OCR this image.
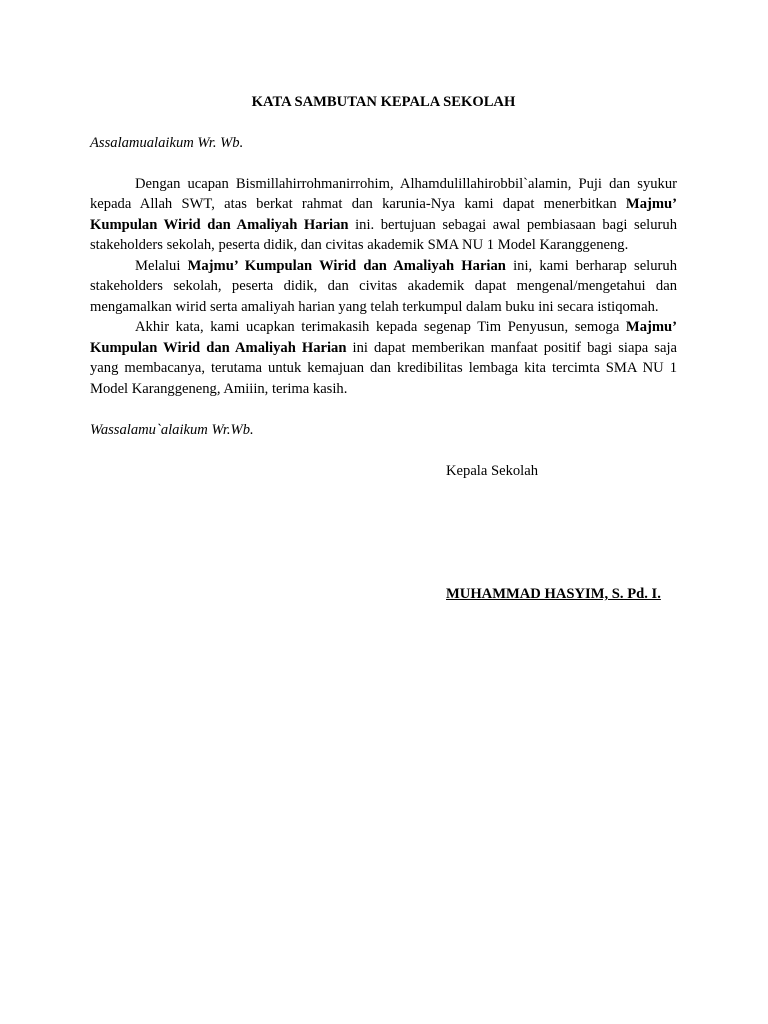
KATA SAMBUTAN KEPALA SEKOLAH

Assalamualaikum Wr. Wb.

Dengan ucapan Bismillahirrohmanirrohim, Alhamdulillahirobbil`alamin, Puji dan syukur kepada Allah SWT, atas berkat rahmat dan karunia-Nya kami dapat menerbitkan Majmu’ Kumpulan Wirid dan Amaliyah Harian ini. bertujuan sebagai awal pembiasaan bagi seluruh stakeholders sekolah, peserta didik, dan civitas akademik SMA NU 1 Model Karanggeneng.

Melalui Majmu’ Kumpulan Wirid dan Amaliyah Harian ini, kami berharap seluruh stakeholders sekolah, peserta didik, dan civitas akademik dapat mengenal/mengetahui dan mengamalkan wirid serta amaliyah harian yang telah terkumpul dalam buku ini secara istiqomah.

Akhir kata, kami ucapkan terimakasih kepada segenap Tim Penyusun, semoga Majmu’ Kumpulan Wirid dan Amaliyah Harian ini dapat memberikan manfaat positif bagi siapa saja yang membacanya, terutama untuk kemajuan dan kredibilitas lembaga kita tercimta SMA NU 1 Model Karanggeneng, Amiiin, terima kasih.

Wassalamu`alaikum Wr.Wb.

Kepala Sekolah
MUHAMMAD HASYIM, S. Pd. I.
